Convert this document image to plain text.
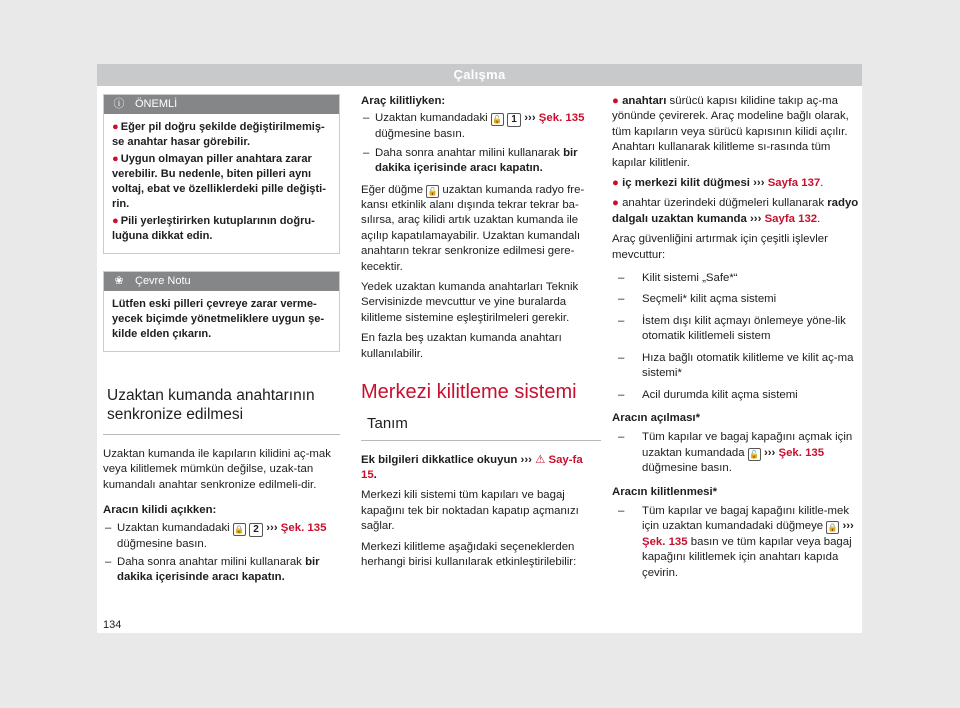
Çalışma
ⓘ ÖNEMLİ

● Eğer pil doğru şekilde değiştirilmemiş-se anahtar hasar görebilir.

● Uygun olmayan piller anahtara zarar verebilir. Bu nedenle, biten pilleri aynı voltaj, ebat ve özelliklerdeki pille değişti-rin.

● Pili yerleştirirken kutuplarının doğru-luğuna dikkat edin.

❀ Çevre Notu

Lütfen eski pilleri çevreye zarar verme-yecek biçimde yönetmeliklere uygun şe-kilde elden çıkarın.

Uzaktan kumanda anahtarının senkronize edilmesi

Uzaktan kumanda ile kapıların kilidini aç-mak veya kilitlemek mümkün değilse, uzak-tan kumandalı anahtar senkronize edilmeli-dir.

Aracın kilidi açıkken:

– Uzaktan kumandadaki 🔒 2 ››› Şek. 135 düğmesine basın.
– Daha sonra anahtar milini kullanarak bir dakika içerisinde aracı kapatın.

Araç kilitliyken:

– Uzaktan kumandadaki 🔓 1 ››› Şek. 135 düğmesine basın.
– Daha sonra anahtar milini kullanarak bir dakika içerisinde aracı kapatın.

Eğer düğme 🔓 uzaktan kumanda radyo fre-kansı etkinlik alanı dışında tekrar tekrar ba-sılırsa, araç kilidi artık uzaktan kumanda ile açılıp kapatılamayabilir. Uzaktan kumandalı anahtarın tekrar senkronize edilmesi gere-kecektir.

Yedek uzaktan kumanda anahtarları Teknik Servisinizde mevcuttur ve yine buralarda kilitleme sistemine eşleştirilmeleri gerekir.

En fazla beş uzaktan kumanda anahtarı kullanılabilir.

Merkezi kilitleme sistemi
Tanım

Ek bilgileri dikkatlice okuyun ››› ⚠ Say-fa 15.

Merkezi kili sistemi tüm kapıları ve bagaj kapağını tek bir noktadan kapatıp açmanızı sağlar.

Merkezi kilitleme aşağıdaki seçeneklerden herhangi birisi kullanılarak etkinleştirilebilir:

● anahtarı sürücü kapısı kilidine takıp aç-ma yönünde çevirerek. Araç modeline bağlı olarak, tüm kapıların veya sürücü kapısının kilidi açılır. Anahtarı kullanarak kilitleme sı-rasında tüm kapılar kilitlenir.

● iç merkezi kilit düğmesi ››› Sayfa 137.

● anahtar üzerindeki düğmeleri kullanarak radyo dalgalı uzaktan kumanda ››› Sayfa 132.

Araç güvenliğini artırmak için çeşitli işlevler mevcuttur:

– Kilit sistemi „Safe*“
– Seçmeli* kilit açma sistemi
– İstem dışı kilit açmayı önlemeye yöne-lik otomatik kilitlemeli sistem
– Hıza bağlı otomatik kilitleme ve kilit aç-ma sistemi*
– Acil durumda kilit açma sistemi

Aracın açılması*

– Tüm kapılar ve bagaj kapağını açmak için uzaktan kumandada 🔓 ››› Şek. 135 düğmesine basın.

Aracın kilitlenmesi*

– Tüm kapılar ve bagaj kapağını kilitle-mek için uzaktan kumandadaki düğmeye 🔒 ››› Şek. 135 basın ve tüm kapılar veya bagaj kapağını kilitlemek için anahtarı kapıda çevirin.
134
